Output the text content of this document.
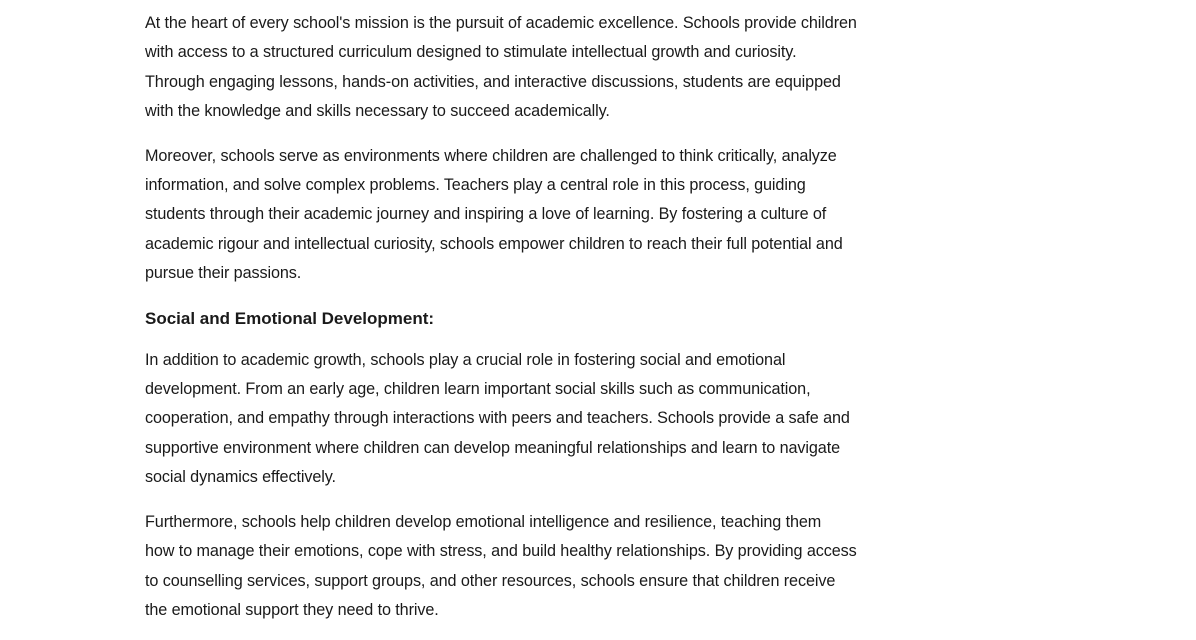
At the heart of every school's mission is the pursuit of academic excellence. Schools provide children
with access to a structured curriculum designed to stimulate intellectual growth and curiosity.
Through engaging lessons, hands-on activities, and interactive discussions, students are equipped
with the knowledge and skills necessary to succeed academically.
Moreover, schools serve as environments where children are challenged to think critically, analyze
information, and solve complex problems. Teachers play a central role in this process, guiding
students through their academic journey and inspiring a love of learning. By fostering a culture of
academic rigour and intellectual curiosity, schools empower children to reach their full potential and
pursue their passions.
Social and Emotional Development:
In addition to academic growth, schools play a crucial role in fostering social and emotional
development. From an early age, children learn important social skills such as communication,
cooperation, and empathy through interactions with peers and teachers. Schools provide a safe and
supportive environment where children can develop meaningful relationships and learn to navigate
social dynamics effectively.
Furthermore, schools help children develop emotional intelligence and resilience, teaching them
how to manage their emotions, cope with stress, and build healthy relationships. By providing access
to counselling services, support groups, and other resources, schools ensure that children receive
the emotional support they need to thrive.
